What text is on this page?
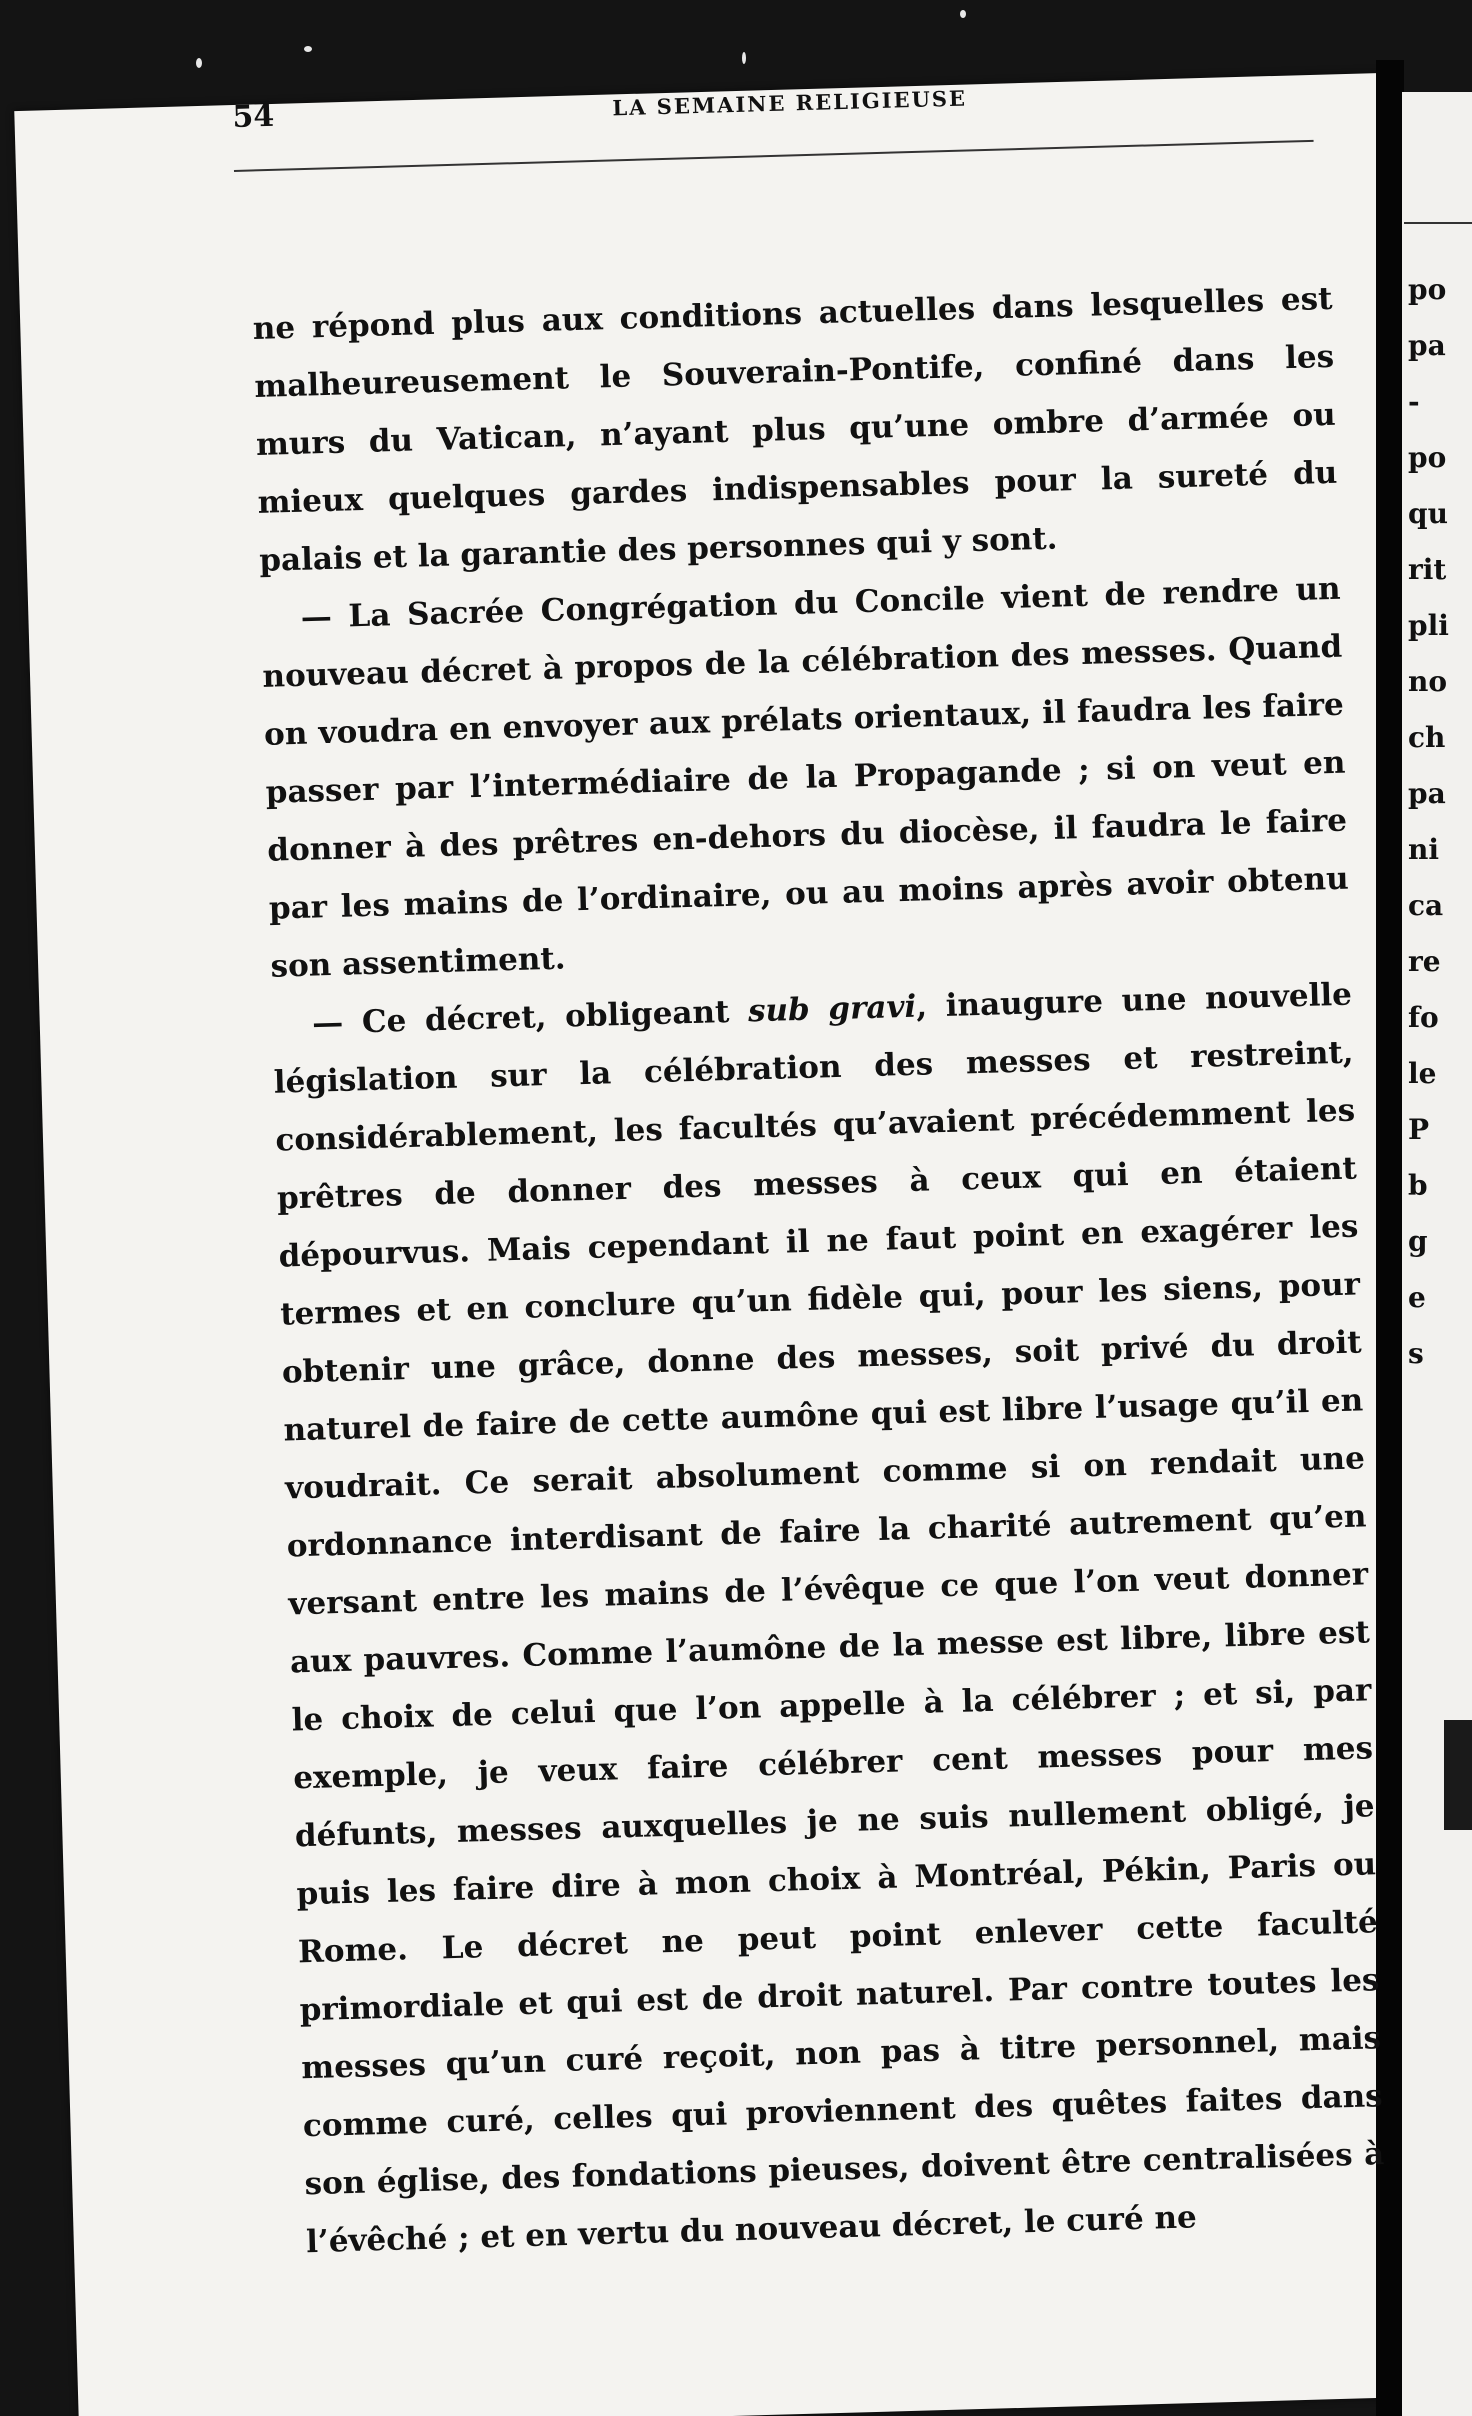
54	LA SEMAINE RELIGIEUSE

ne répond plus aux conditions actuelles dans lesquelles est malheureusement le Souverain-Pontife, confiné dans les murs du Vatican, n’ayant plus qu’une ombre d’armée ou mieux quelques gardes indispensables pour la sureté du palais et la garantie des personnes qui y sont.

— La Sacrée Congrégation du Concile vient de rendre un nouveau décret à propos de la célébration des messes. Quand on voudra en envoyer aux prélats orientaux, il faudra les faire passer par l’intermédiaire de la Propagande ; si on veut en donner à des prêtres en-dehors du diocèse, il faudra le faire par les mains de l’ordinaire, ou au moins après avoir obtenu son assentiment.

— Ce décret, obligeant sub gravi, inaugure une nouvelle législation sur la célébration des messes et restreint, considérablement, les facultés qu’avaient précédemment les prêtres de donner des messes à ceux qui en étaient dépourvus. Mais cependant il ne faut point en exagérer les termes et en conclure qu’un fidèle qui, pour les siens, pour obtenir une grâce, donne des messes, soit privé du droit naturel de faire de cette aumône qui est libre l’usage qu’il en voudrait. Ce serait absolument comme si on rendait une ordonnance interdisant de faire la charité autrement qu’en versant entre les mains de l’évêque ce que l’on veut donner aux pauvres. Comme l’aumône de la messe est libre, libre est le choix de celui que l’on appelle à la célébrer ; et si, par exemple, je veux faire célébrer cent messes pour mes défunts, messes auxquelles je ne suis nullement obligé, je puis les faire dire à mon choix à Montréal, Pékin, Paris ou Rome. Le décret ne peut point enlever cette faculté primordiale et qui est de droit naturel. Par contre toutes les messes qu’un curé reçoit, non pas à titre personnel, mais comme curé, celles qui proviennent des quêtes faites dans son église, des fondations pieuses, doivent être centralisées à l’évêché ; et en vertu du nouveau décret, le curé ne

po
pa
-
po
qu
rit
pli
no
ch
pa
ni
ca
re
fo
le
P
b
g
e
s
